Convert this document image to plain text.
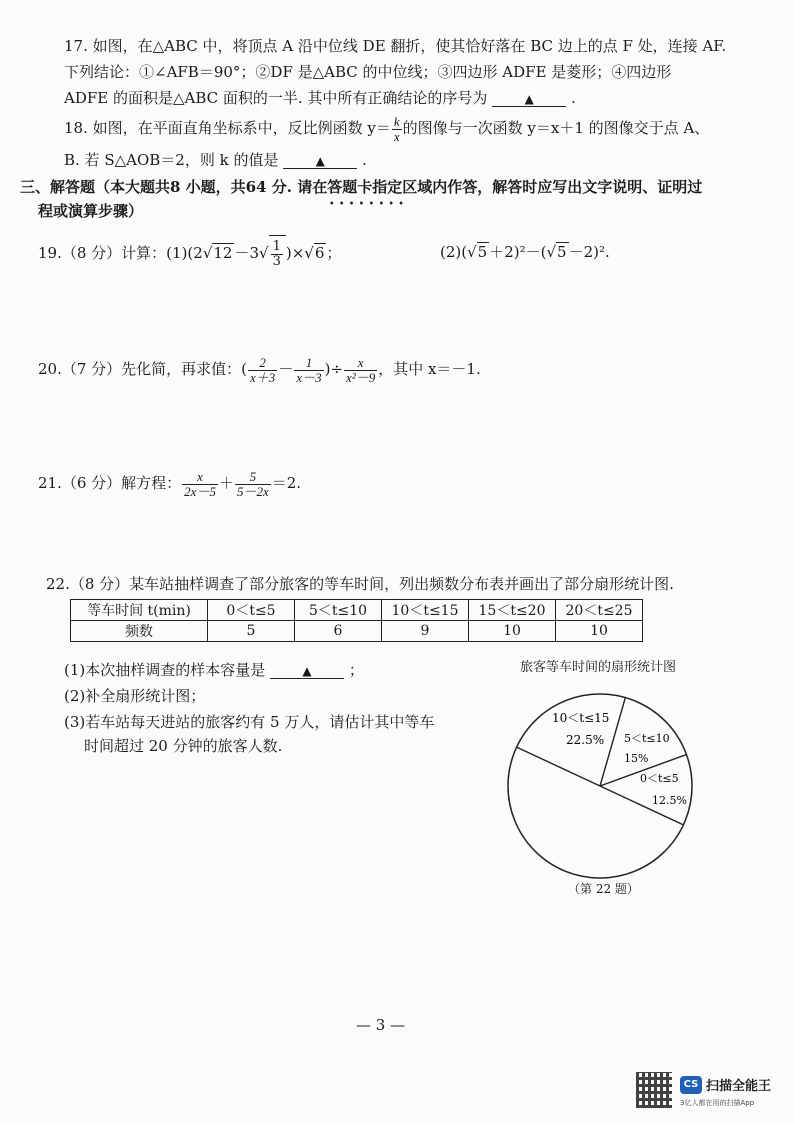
17. 如图，在△ABC 中，将顶点 A 沿中位线 DE 翻折，使其恰好落在 BC 边上的点 F 处，连接 AF.
下列结论：①∠AFB＝90°；②DF 是△ABC 的中位线；③四边形 ADFE 是菱形；④四边形
ADFE 的面积是△ABC 面积的一半. 其中所有正确结论的序号为	▲ .
18. 如图，在平面直角坐标系中，反比例函数 $y= \frac{k}{x}$ 的图像与一次函数 y＝x＋1 的图像交于点 A、
B. 若 S△AOB＝2，则 k 的值是	▲ .
三、解答题（本大题共8 小题，共64 分. 请在答题卡指定区域 • • •内作答，解答时应写出文字说明、证明过
程或演算步骤）
19.（8 分）计算：$(1)(2√12 -3√ \frac{1}{3} )\times√6$ ；	(2)(√5 ＋2)²－(√5 －2)².
20.（7 分）先化简，再求值：( $\frac{2}{x+3} - \frac{1}{x-3}$ )÷ $\frac{x}{\text{x²－9}}$ ，其中 x＝－1.
21.（6 分）解方程： $\frac{x}{2x-5} + \frac{5}{5-2x} =2$.
22.（8 分）某车站抽样调查了部分旅客的等车时间，列出频数分布表并画出了部分扇形统计图.
等车时间 t(min)	0＜t≤5	5＜t≤10	10＜t≤15	15＜t≤20	20＜t≤25
频数	5	6	9	10	10
(1)本次抽样调查的样本容量是	▲ ；
(2)补全扇形统计图；
(3)若车站每天进站的旅客约有 5 万人，请估计其中等车
时间超过 20 分钟的旅客人数.
旅客等车时间的扇形统计图
10＜t≤15
22.5% 5＜t≤10
15%
0＜t≤5
12.5%
（第 22 题）
— 3 —
CS 扫描全能王
3亿人都在用的扫描App
